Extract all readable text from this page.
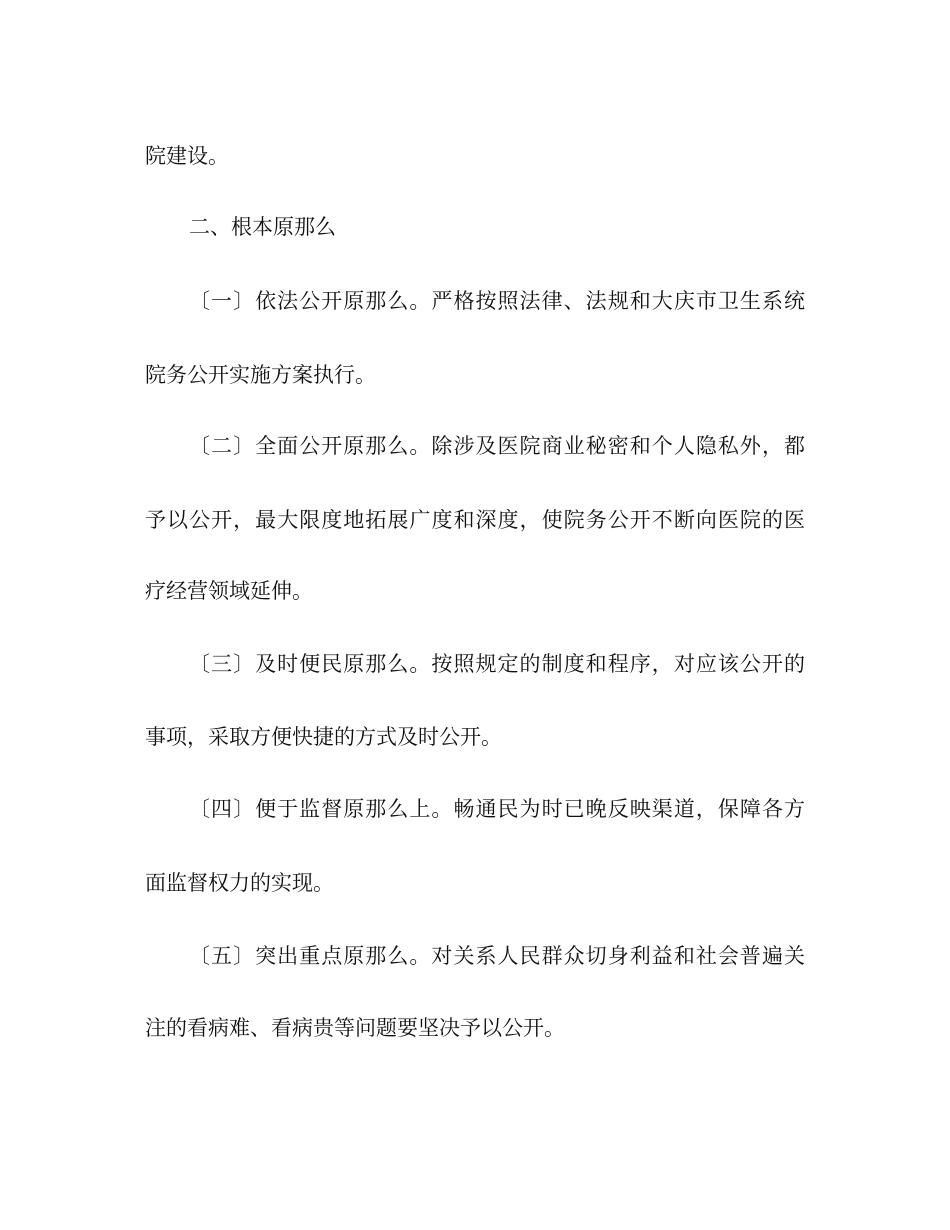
院建设。
二、根本原那么
〔一〕依法公开原那么。严格按照法律、法规和大庆市卫生系统
院务公开实施方案执行。
〔二〕全面公开原那么。除涉及医院商业秘密和个人隐私外，都
予以公开，最大限度地拓展广度和深度，使院务公开不断向医院的医
疗经营领域延伸。
〔三〕及时便民原那么。按照规定的制度和程序，对应该公开的
事项，采取方便快捷的方式及时公开。
〔四〕便于监督原那么上。畅通民为时已晚反映渠道，保障各方
面监督权力的实现。
〔五〕突出重点原那么。对关系人民群众切身利益和社会普遍关
注的看病难、看病贵等问题要坚决予以公开。
